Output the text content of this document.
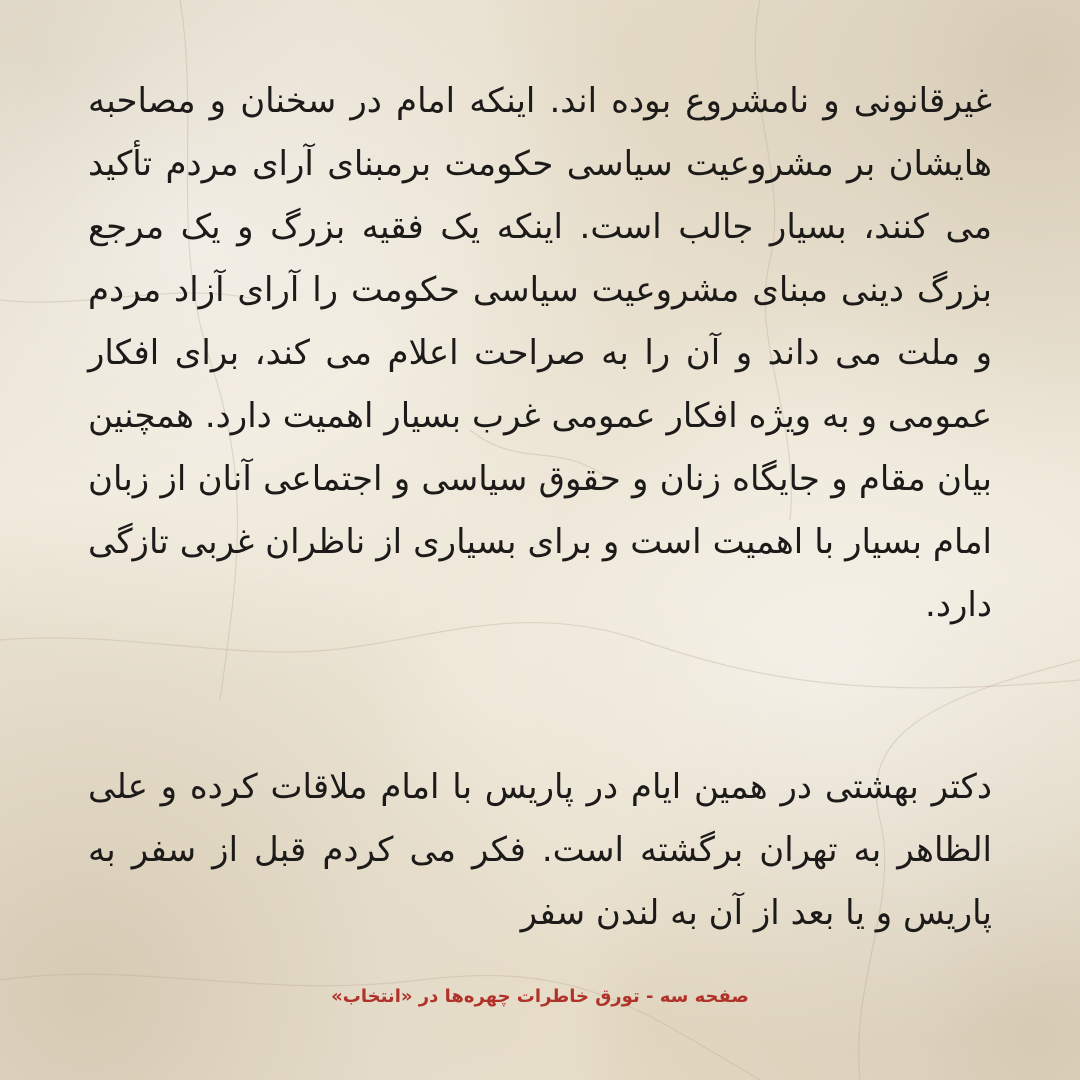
غیرقانونی و نامشروع بوده اند. اینکه امام در سخنان و مصاحبه هایشان بر مشروعیت سیاسی حکومت برمبنای آرای مردم تأکید می کنند، بسیار جالب است. اینکه یک فقیه بزرگ و یک مرجع بزرگ دینی مبنای مشروعیت سیاسی حکومت را آرای آزاد مردم و ملت می داند و آن را به صراحت اعلام می کند، برای افکار عمومی و به ویژه افکار عمومی غرب بسیار اهمیت دارد. همچنین بیان مقام و جایگاه زنان و حقوق سیاسی و اجتماعی آنان از زبان امام بسیار با اهمیت است و برای بسیاری از ناظران غربی تازگی دارد.

دکتر بهشتی در همین ایام در پاریس با امام ملاقات کرده و علی الظاهر به تهران برگشته است. فکر می کردم قبل از سفر به پاریس و یا بعد از آن به لندن سفر

صفحه سه - تورق خاطرات چهره‌ها در «انتخاب»
